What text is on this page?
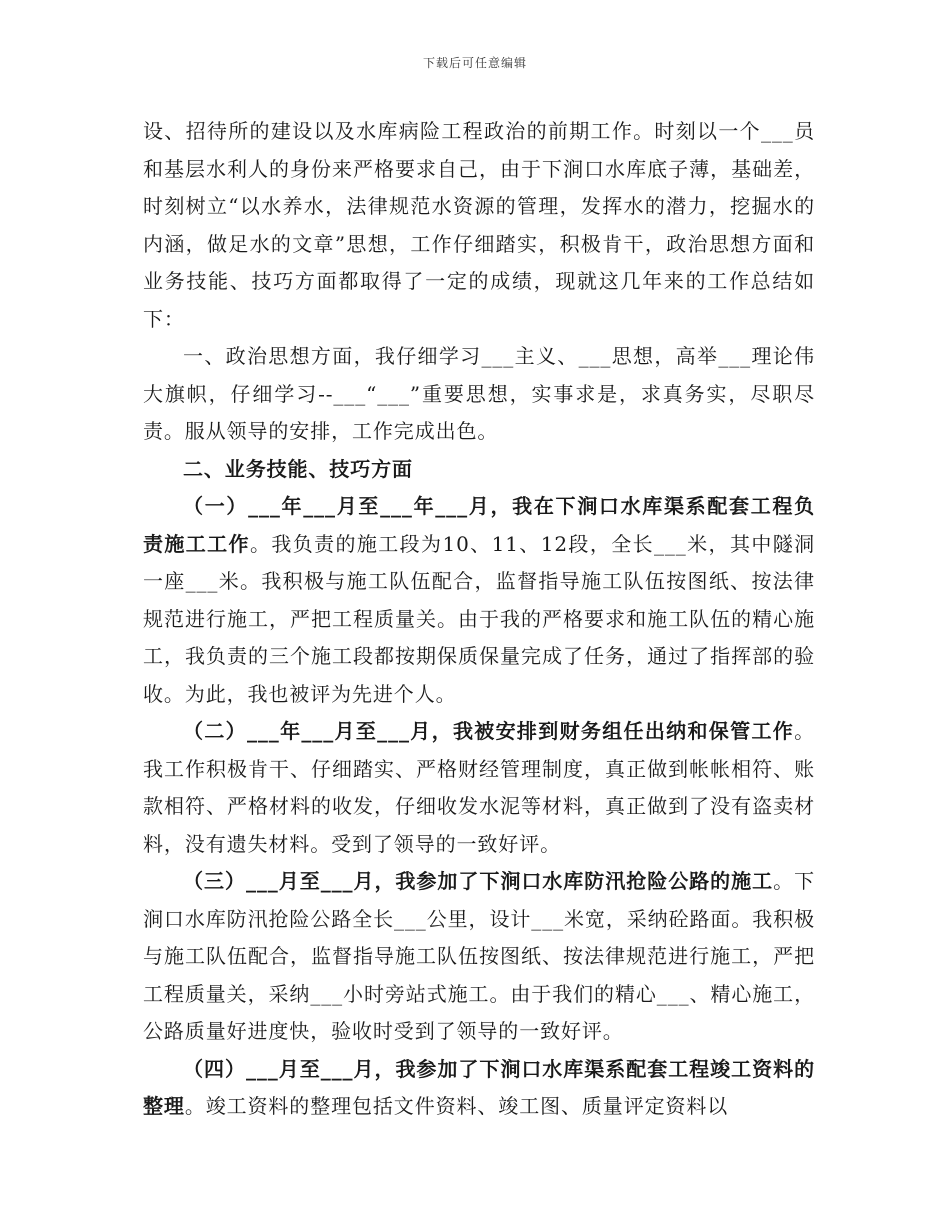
下载后可任意编辑

设、招待所的建设以及水库病险工程政治的前期工作。时刻以一个___员和基层水利人的身份来严格要求自己，由于下涧口水库底子薄，基础差，时刻树立“以水养水，法律规范水资源的管理，发挥水的潜力，挖掘水的内涵，做足水的文章”思想，工作仔细踏实，积极肯干，政治思想方面和业务技能、技巧方面都取得了一定的成绩，现就这几年来的工作总结如下：

一、政治思想方面，我仔细学习___主义、___思想，高举___理论伟大旗帜，仔细学习--___“___”重要思想，实事求是，求真务实，尽职尽责。服从领导的安排，工作完成出色。

二、业务技能、技巧方面

（一）___年___月至___年___月，我在下涧口水库渠系配套工程负责施工工作。我负责的施工段为10、11、12段，全长___米，其中隧洞一座___米。我积极与施工队伍配合，监督指导施工队伍按图纸、按法律规范进行施工，严把工程质量关。由于我的严格要求和施工队伍的精心施工，我负责的三个施工段都按期保质保量完成了任务，通过了指挥部的验收。为此，我也被评为先进个人。

（二）___年___月至___月，我被安排到财务组任出纳和保管工作。我工作积极肯干、仔细踏实、严格财经管理制度，真正做到帐帐相符、账款相符、严格材料的收发，仔细收发水泥等材料，真正做到了没有盗卖材料，没有遗失材料。受到了领导的一致好评。

（三）___月至___月，我参加了下涧口水库防汛抢险公路的施工。下涧口水库防汛抢险公路全长___公里，设计___米宽，采纳砼路面。我积极与施工队伍配合，监督指导施工队伍按图纸、按法律规范进行施工，严把工程质量关，采纳___小时旁站式施工。由于我们的精心___、精心施工，公路质量好进度快，验收时受到了领导的一致好评。

（四）___月至___月，我参加了下涧口水库渠系配套工程竣工资料的整理。竣工资料的整理包括文件资料、竣工图、质量评定资料以
